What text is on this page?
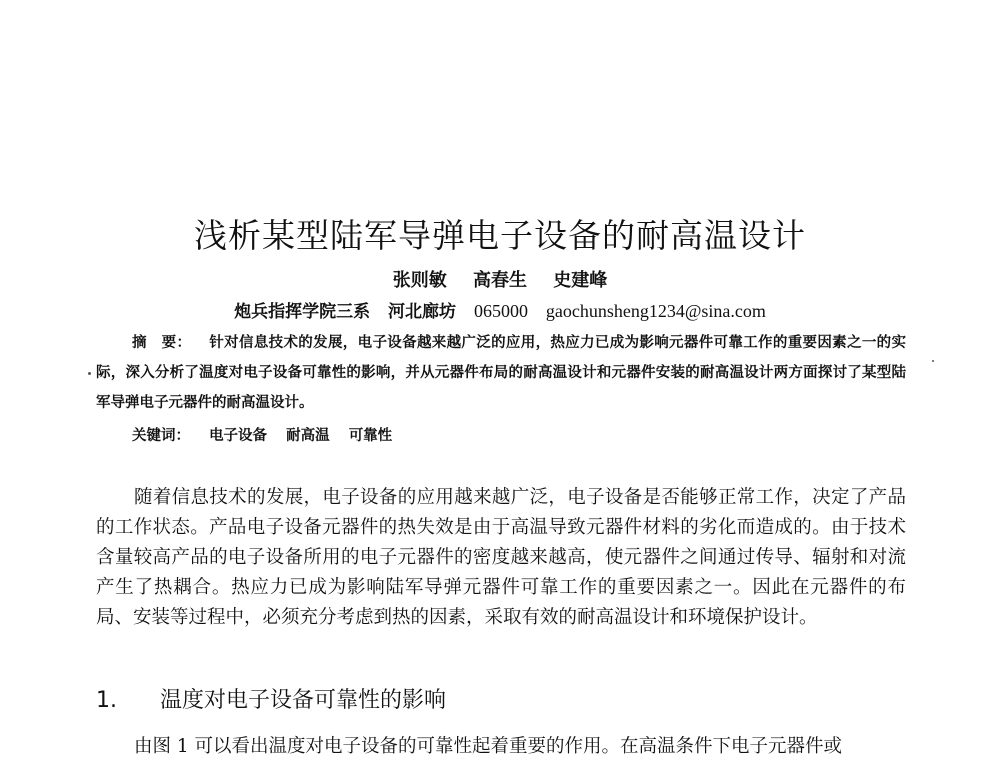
浅析某型陆军导弹电子设备的耐高温设计
张则敏 高春生 史建峰
炮兵指挥学院三系 河北廊坊 065000 gaochunsheng1234@sina.com

摘　要： 针对信息技术的发展，电子设备越来越广泛的应用，热应力已成为影响元器件可靠工作的重要因素之一的实际，深入分析了温度对电子设备可靠性的影响，并从元器件布局的耐高温设计和元器件安装的耐高温设计两方面探讨了某型陆军导弹电子元器件的耐高温设计。

关键词： 电子设备 耐高温 可靠性

随着信息技术的发展，电子设备的应用越来越广泛，电子设备是否能够正常工作，决定了产品的工作状态。产品电子设备元器件的热失效是由于高温导致元器件材料的劣化而造成的。由于技术含量较高产品的电子设备所用的电子元器件的密度越来越高，使元器件之间通过传导、辐射和对流产生了热耦合。热应力已成为影响陆军导弹元器件可靠工作的重要因素之一。因此在元器件的布局、安装等过程中，必须充分考虑到热的因素，采取有效的耐高温设计和环境保护设计。

1. 温度对电子设备可靠性的影响

由图 1 可以看出温度对电子设备的可靠性起着重要的作用。在高温条件下电子元器件或
